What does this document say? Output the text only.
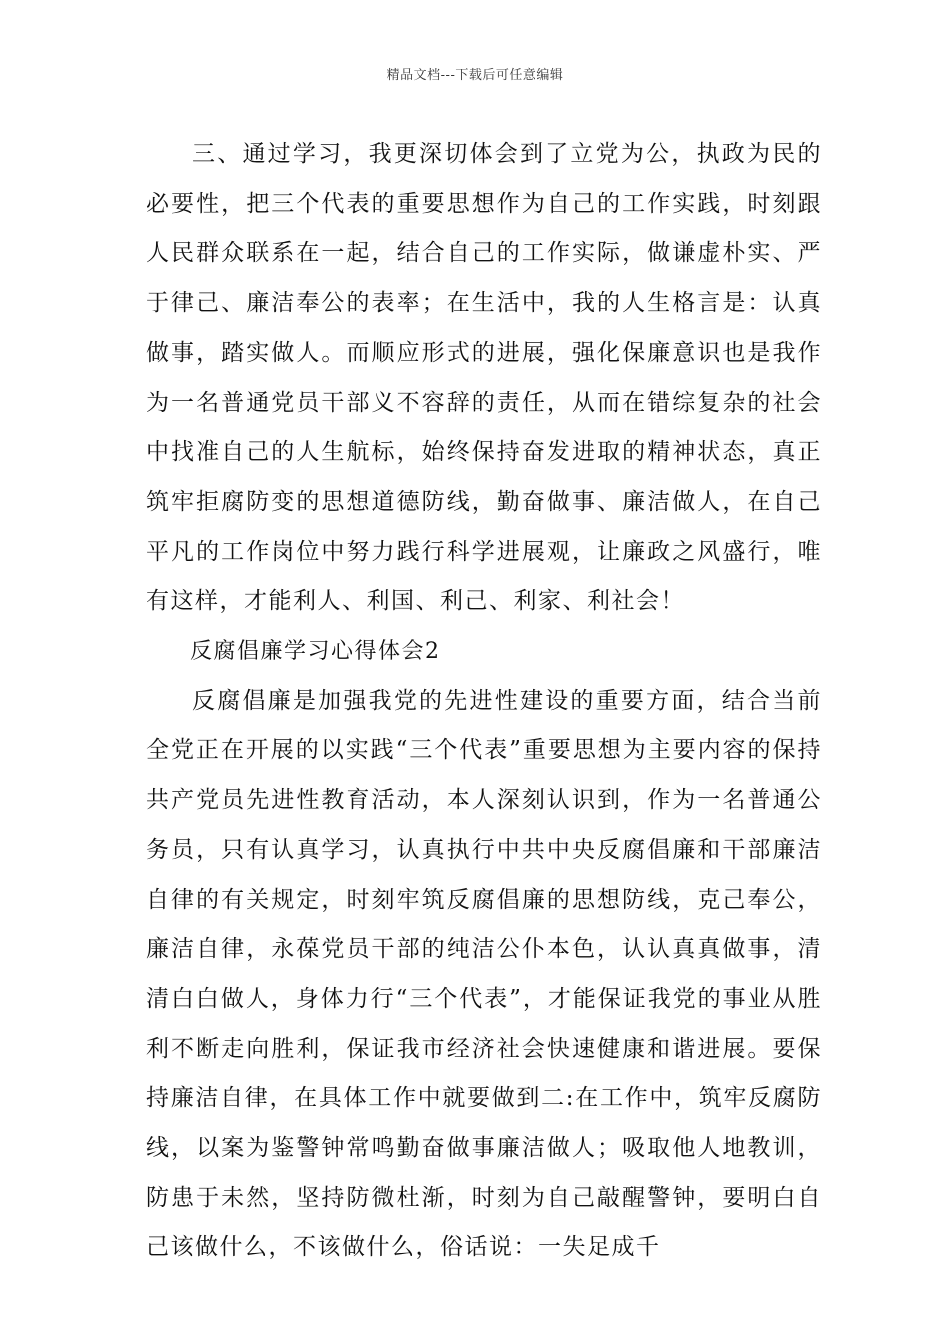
精品文档---下载后可任意编辑

三、通过学习，我更深切体会到了立党为公，执政为民的必要性，把三个代表的重要思想作为自己的工作实践，时刻跟人民群众联系在一起，结合自己的工作实际，做谦虚朴实、严于律己、廉洁奉公的表率；在生活中，我的人生格言是：认真做事，踏实做人。而顺应形式的进展，强化保廉意识也是我作为一名普通党员干部义不容辞的责任，从而在错综复杂的社会中找准自己的人生航标，始终保持奋发进取的精神状态，真正筑牢拒腐防变的思想道德防线，勤奋做事、廉洁做人，在自己平凡的工作岗位中努力践行科学进展观，让廉政之风盛行，唯有这样，才能利人、利国、利己、利家、利社会！

反腐倡廉学习心得体会2

反腐倡廉是加强我党的先进性建设的重要方面，结合当前全党正在开展的以实践“三个代表”重要思想为主要内容的保持共产党员先进性教育活动，本人深刻认识到，作为一名普通公务员，只有认真学习，认真执行中共中央反腐倡廉和干部廉洁自律的有关规定，时刻牢筑反腐倡廉的思想防线，克己奉公，廉洁自律，永葆党员干部的纯洁公仆本色，认认真真做事，清清白白做人，身体力行“三个代表”，才能保证我党的事业从胜利不断走向胜利，保证我市经济社会快速健康和谐进展。要保持廉洁自律，在具体工作中就要做到二:在工作中，筑牢反腐防线，以案为鉴警钟常鸣勤奋做事廉洁做人；吸取他人地教训，防患于未然，坚持防微杜渐，时刻为自己敲醒警钟，要明白自己该做什么，不该做什么，俗话说：一失足成千
